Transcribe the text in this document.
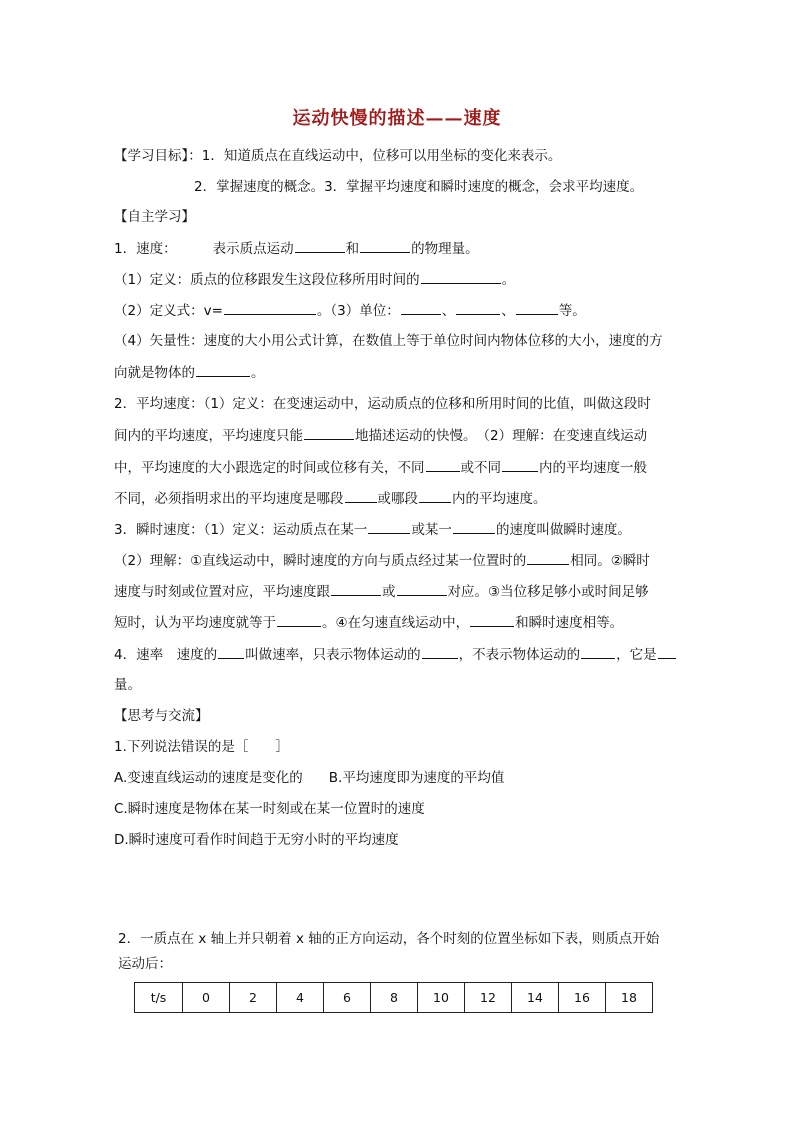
运动快慢的描述——速度
【学习目标】：1．知道质点在直线运动中，位移可以用坐标的变化来表示。
2．掌握速度的概念。3．掌握平均速度和瞬时速度的概念，会求平均速度。
【自主学习】
1．速度：	表示质点运动	和	的物理量。
（1）定义：质点的位移跟发生这段位移所用时间的	。
（2）定义式：v=	。（3）单位：	、	、	等。
（4）矢量性：速度的大小用公式计算，在数值上等于单位时间内物体位移的大小，速度的方
向就是物体的	。
2．平均速度：（1）定义：在变速运动中，运动质点的位移和所用时间的比值，叫做这段时
间内的平均速度，平均速度只能	地描述运动的快慢。　（2）理解：在变速直线运动
中，平均速度的大小跟选定的时间或位移有关，不同	或不同	内的平均速度一般
不同，必须指明求出的平均速度是哪段	或哪段	内的平均速度。
3．瞬时速度：（1）定义：运动质点在某一	或某一	的速度叫做瞬时速度。
（2）理解：①直线运动中，瞬时速度的方向与质点经过某一位置时的	相同。②瞬时
速度与时刻或位置对应，平均速度跟	或	对应。③当位移足够小或时间足够
短时，认为平均速度就等于	。④在匀速直线运动中，	和瞬时速度相等。
4．速率　速度的 叫做速率，只表示物体运动的	，不表示物体运动的	，它是
量。
【思考与交流】
1.下列说法错误的是［　　］
A.变速直线运动的速度是变化的 B.平均速度即为速度的平均值
C.瞬时速度是物体在某一时刻或在某一位置时的速度
D.瞬时速度可看作时间趋于无穷小时的平均速度
2．一质点在 x 轴上并只朝着 x 轴的正方向运动，各个时刻的位置坐标如下表，则质点开始
运动后：
t/s	0	2	4	6	8	10	12	14	16	18
